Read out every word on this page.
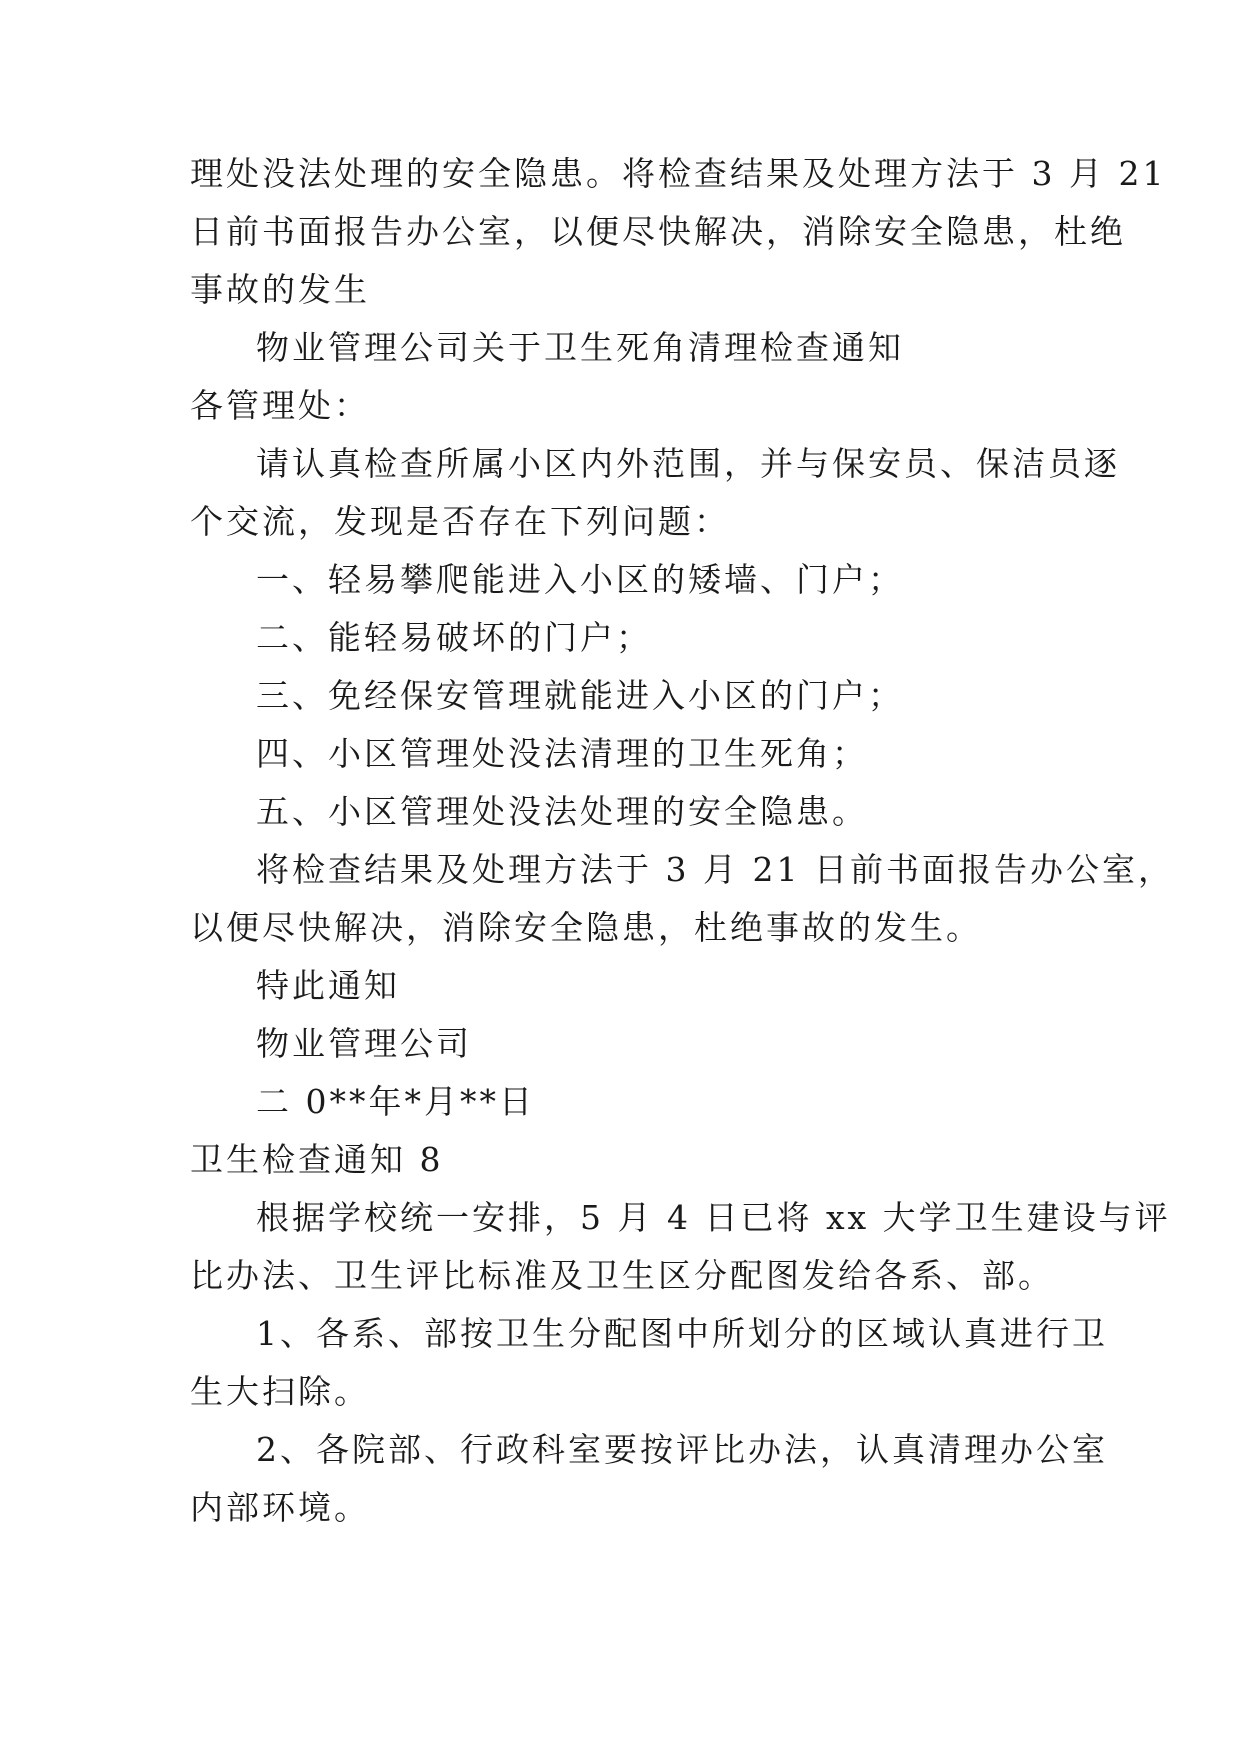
理处没法处理的安全隐患。将检查结果及处理方法于 3 月 21
日前书面报告办公室，以便尽快解决，消除安全隐患，杜绝
事故的发生
物业管理公司关于卫生死角清理检查通知
各管理处：
请认真检查所属小区内外范围，并与保安员、保洁员逐
个交流，发现是否存在下列问题：
一、轻易攀爬能进入小区的矮墙、门户；
二、能轻易破坏的门户；
三、免经保安管理就能进入小区的门户；
四、小区管理处没法清理的卫生死角；
五、小区管理处没法处理的安全隐患。
将检查结果及处理方法于 3 月 21 日前书面报告办公室，
以便尽快解决，消除安全隐患，杜绝事故的发生。
特此通知
物业管理公司
二 0**年*月**日
卫生检查通知 8
根据学校统一安排，5 月 4 日已将 xx 大学卫生建设与评
比办法、卫生评比标准及卫生区分配图发给各系、部。
1、各系、部按卫生分配图中所划分的区域认真进行卫
生大扫除。
2、各院部、行政科室要按评比办法，认真清理办公室
内部环境。
